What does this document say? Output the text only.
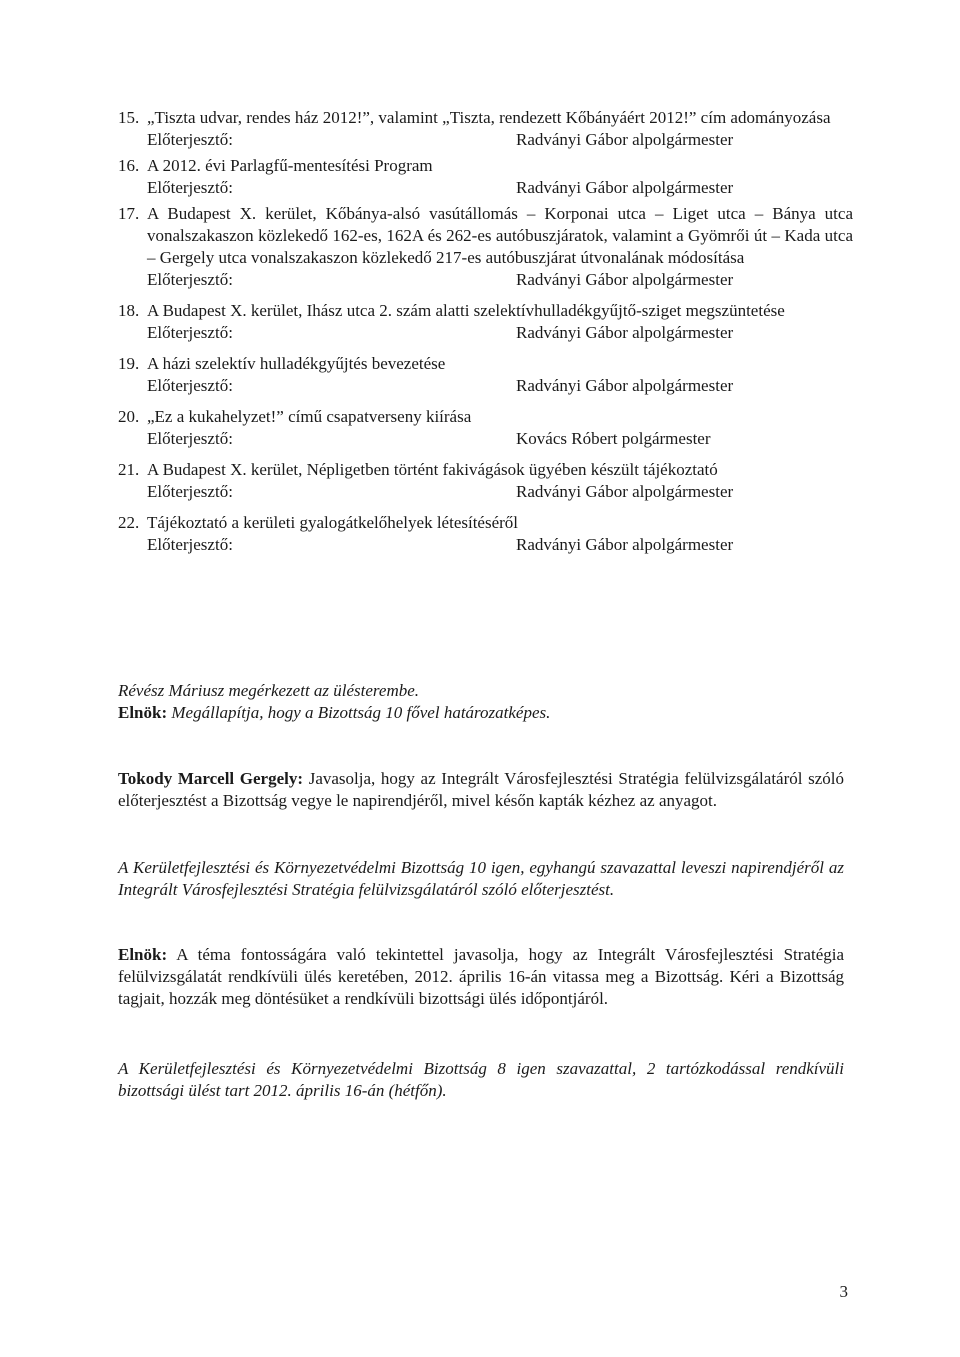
15. „Tiszta udvar, rendes ház 2012!”, valamint „Tiszta, rendezett Kőbányáért 2012!” cím adományozása
Előterjesztő:	Radványi Gábor alpolgármester
16. A 2012. évi Parlagfű-mentesítési Program
Előterjesztő:	Radványi Gábor alpolgármester
17. A Budapest X. kerület, Kőbánya-alsó vasútállomás – Korponai utca – Liget utca – Bánya utca vonalszakaszon közlekedő 162-es, 162A és 262-es autóbuszjáratok, valamint a Gyömrői út – Kada utca – Gergely utca vonalszakaszon közlekedő 217-es autóbuszjárat útvonalának módosítása
Előterjesztő:	Radványi Gábor alpolgármester
18. A Budapest X. kerület, Ihász utca 2. szám alatti szelektívhulladékgyűjtő-sziget megszüntetése
Előterjesztő:	Radványi Gábor alpolgármester
19. A házi szelektív hulladékgyűjtés bevezetése
Előterjesztő:	Radványi Gábor alpolgármester
20. „Ez a kukahelyzet!” című csapatverseny kiírása
Előterjesztő:	Kovács Róbert polgármester
21. A Budapest X. kerület, Népligetben történt fakivágások ügyében készült tájékoztató
Előterjesztő:	Radványi Gábor alpolgármester
22. Tájékoztató a kerületi gyalogátkelőhelyek létesítéséről
Előterjesztő:	Radványi Gábor alpolgármester
Révész Máriusz megérkezett az ülésterembe.
Elnök: Megállapítja, hogy a Bizottság 10 fővel határozatképes.
Tokody Marcell Gergely: Javasolja, hogy az Integrált Városfejlesztési Stratégia felülvizsgálatáról szóló előterjesztést a Bizottság vegye le napirendjéről, mivel későn kapták kézhez az anyagot.
A Kerületfejlesztési és Környezetvédelmi Bizottság 10 igen, egyhangú szavazattal leveszi napirendjéről az Integrált Városfejlesztési Stratégia felülvizsgálatáról szóló előterjesztést.
Elnök: A téma fontosságára való tekintettel javasolja, hogy az Integrált Városfejlesztési Stratégia felülvizsgálatát rendkívüli ülés keretében, 2012. április 16-án vitassa meg a Bizottság. Kéri a Bizottság tagjait, hozzák meg döntésüket a rendkívüli bizottsági ülés időpontjáról.
A Kerületfejlesztési és Környezetvédelmi Bizottság 8 igen szavazattal, 2 tartózkodással rendkívüli bizottsági ülést tart 2012. április 16-án (hétfőn).
3
